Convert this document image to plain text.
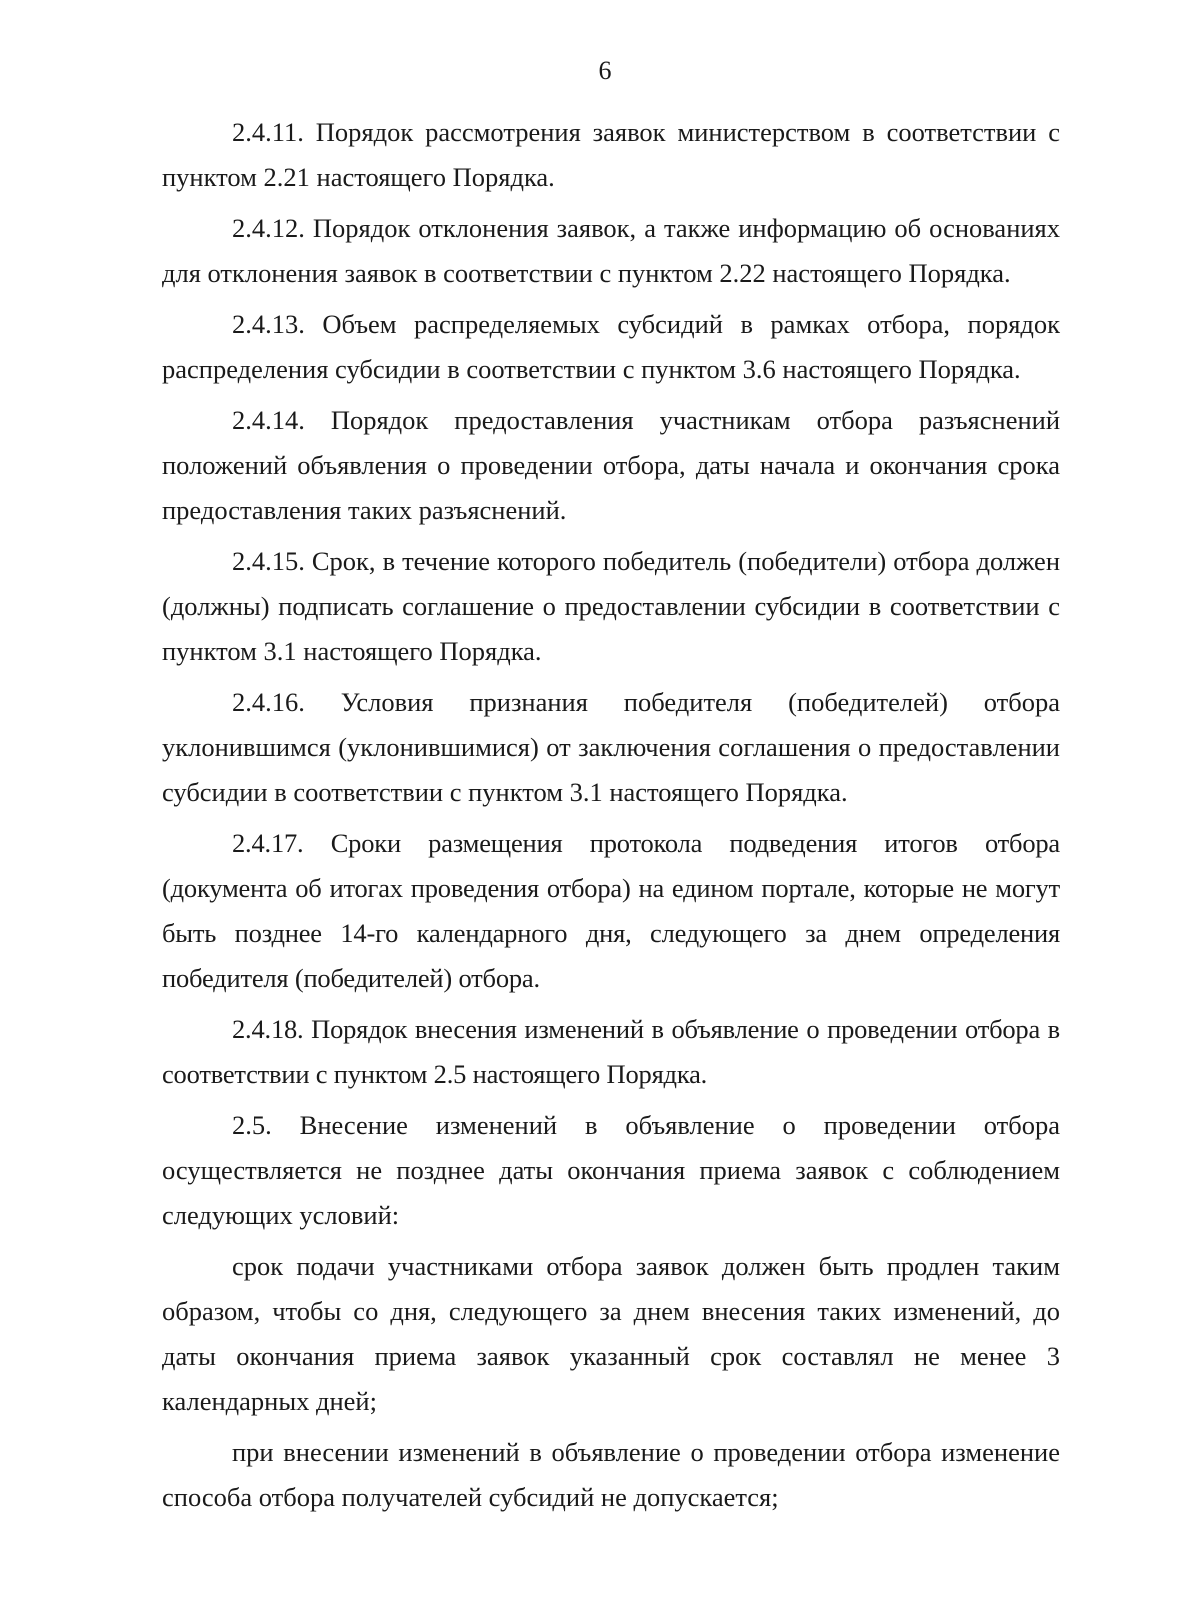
6

2.4.11. Порядок рассмотрения заявок министерством в соответствии с пунктом 2.21 настоящего Порядка.

2.4.12. Порядок отклонения заявок, а также информацию об основаниях для отклонения заявок в соответствии с пунктом 2.22 настоящего Порядка.

2.4.13. Объем распределяемых субсидий в рамках отбора, порядок распределения субсидии в соответствии с пунктом 3.6 настоящего Порядка.

2.4.14. Порядок предоставления участникам отбора разъяснений положений объявления о проведении отбора, даты начала и окончания срока предоставления таких разъяснений.

2.4.15. Срок, в течение которого победитель (победители) отбора должен (должны) подписать соглашение о предоставлении субсидии в соответствии с пунктом 3.1 настоящего Порядка.

2.4.16. Условия признания победителя (победителей) отбора уклонившимся (уклонившимися) от заключения соглашения о предоставлении субсидии в соответствии с пунктом 3.1 настоящего Порядка.

2.4.17. Сроки размещения протокола подведения итогов отбора (документа об итогах проведения отбора) на едином портале, которые не могут быть позднее 14-го календарного дня, следующего за днем определения победителя (победителей) отбора.

2.4.18. Порядок внесения изменений в объявление о проведении отбора в соответствии с пунктом 2.5 настоящего Порядка.

2.5. Внесение изменений в объявление о проведении отбора осуществляется не позднее даты окончания приема заявок с соблюдением следующих условий:

срок подачи участниками отбора заявок должен быть продлен таким образом, чтобы со дня, следующего за днем внесения таких изменений, до даты окончания приема заявок указанный срок составлял не менее 3 календарных дней;

при внесении изменений в объявление о проведении отбора изменение способа отбора получателей субсидий не допускается;
